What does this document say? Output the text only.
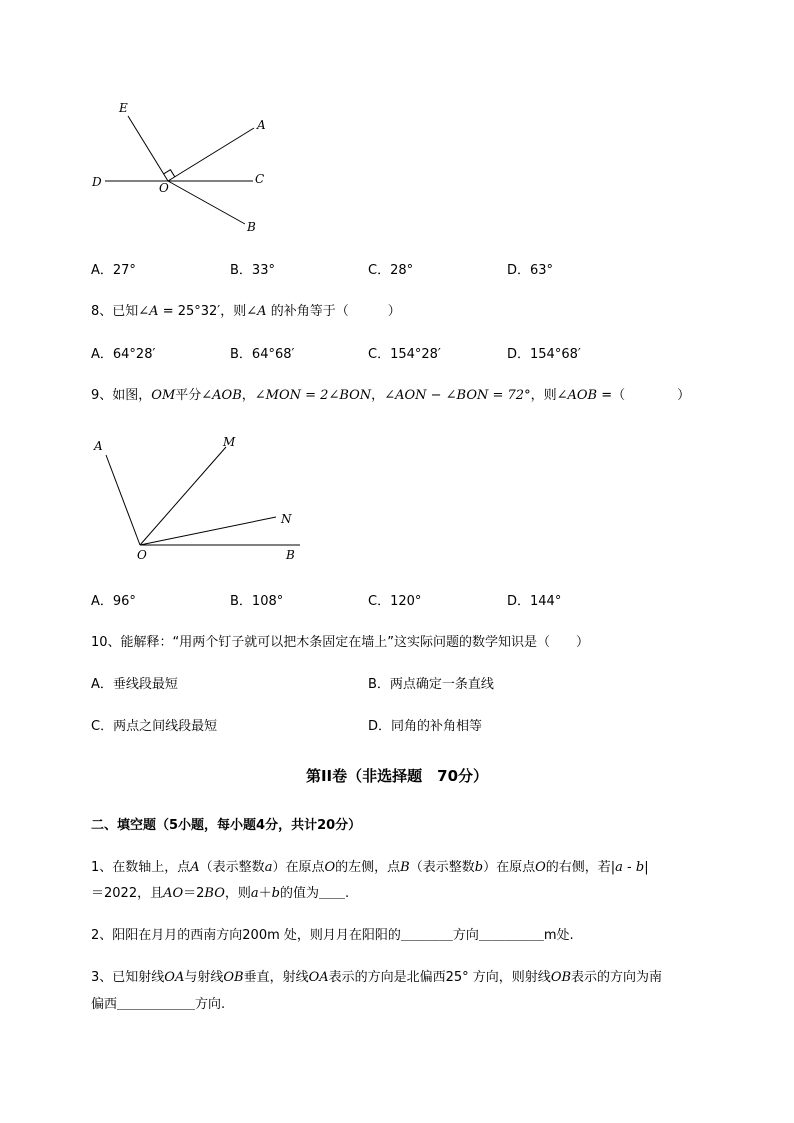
E
A
D	O
C
B
A．27°	B．33°	C．28°	D．63°
8、已知∠A = 25°32′，则∠A 的补角等于（　　　）
A．64°28′	B．64°68′	C．154°28′	D．154°68′
9、如图，OM平分∠AOB，∠MON = 2∠BON，∠AON − ∠BON = 72°，则∠AOB =（　　　　）
A	M
N
O	B
A．96°	B．108°	C．120°	D．144°
10、能解释：“用两个钉子就可以把木条固定在墙上”这实际问题的数学知识是（　　）
A．垂线段最短	B．两点确定一条直线
C．两点之间线段最短	D．同角的补角相等
第II卷（非选择题　70分）
二、填空题（5小题，每小题4分，共计20分）
1、在数轴上，点A（表示整数a）在原点O的左侧，点B（表示整数b）在原点O的右侧，若|a - b|
＝2022，且AO＝2BO，则a＋b的值为＿＿.
2、阳阳在月月的西南方向200m 处，则月月在阳阳的＿＿＿＿方向＿＿＿＿＿m处.
3、已知射线OA与射线OB垂直，射线OA表示的方向是北偏西25° 方向，则射线OB表示的方向为南
偏西＿＿＿＿＿＿方向.
